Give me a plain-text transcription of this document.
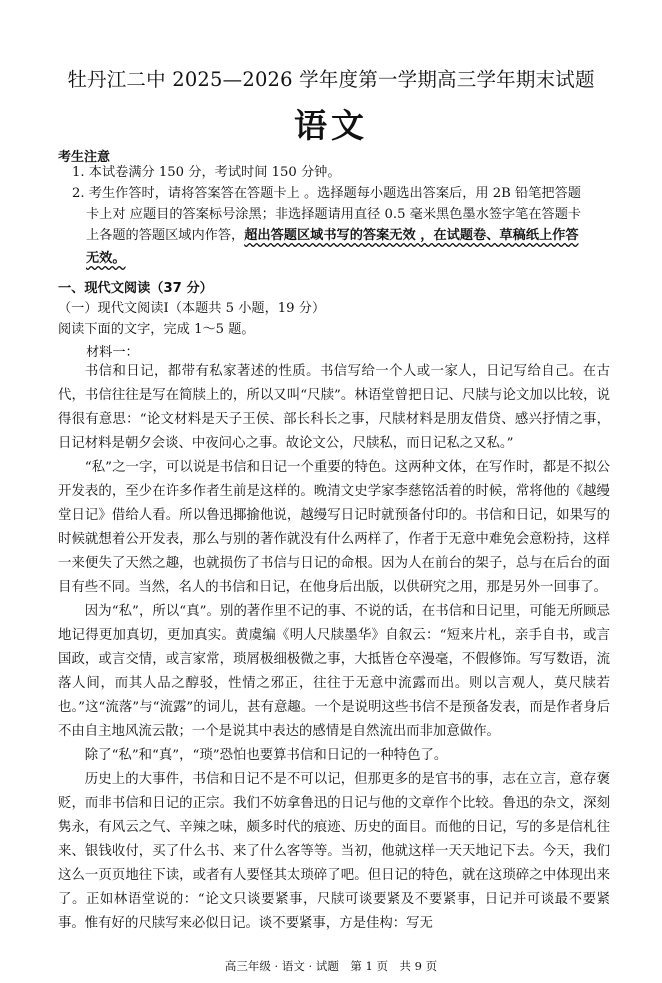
牡丹江二中 2025—2026 学年度第一学期高三学年期末试题
语文
考生注意
1. 本试卷满分 150 分，考试时间 150 分钟。
2. 考生作答时，请将答案答在答题卡上 。选择题每小题选出答案后，用 2B 铅笔把答题
卡上对 应题目的答案标号涂黑；非选择题请用直径 0.5 毫米黑色墨水签字笔在答题卡
上各题的答题区域内作答，超出答题区域书写的答案无效 ，在试题卷、草稿纸上作答
无效。
一、现代文阅读（37 分）
（一）现代文阅读Ⅰ（本题共 5 小题，19 分）
阅读下面的文字，完成 1～5 题。
材料一：
书信和日记，都带有私家著述的性质。书信写给一个人或一家人，日记写给自己。在古代，书信往往是写在简牍上的，所以又叫“尺牍”。林语堂曾把日记、尺牍与论文加以比较，说得很有意思：“论文材料是天子王侯、部长科长之事，尺牍材料是朋友借贷、感兴抒情之事，日记材料是朝夕会谈、中夜问心之事。故论文公，尺牍私，而日记私之又私。”
“私”之一字，可以说是书信和日记一个重要的特色。这两种文体，在写作时，都是不拟公开发表的，至少在许多作者生前是这样的。晚清文史学家李慈铭活着的时候，常将他的《越缦堂日记》借给人看。所以鲁迅揶揄他说，越缦写日记时就预备付印的。书信和日记，如果写的时候就想着公开发表，那么与别的著作就没有什么两样了，作者于无意中难免会意粉持，这样一来便失了天然之趣，也就损伤了书信与日记的命根。因为人在前台的架子，总与在后台的面目有些不同。当然，名人的书信和日记，在他身后出版，以供研究之用，那是另外一回事了。
因为“私”，所以“真”。别的著作里不记的事、不说的话，在书信和日记里，可能无所顾忌地记得更加真切，更加真实。黄虞编《明人尺牍墨华》自叙云：“短来片札，亲手自书，或言国政，或言交情，或言家常，琐屑极细极微之事，大抵皆仓卒漫毫，不假修饰。写写数语，流落人间，而其人品之醇驳，性情之邪正，往往于无意中流露而出。则以言观人，莫尺牍若也。”这“流落”与“流露”的词儿，甚有意趣。一个是说明这些书信不是预备发表，而是作者身后不由自主地风流云散；一个是说其中表达的感情是自然流出而非加意做作。
除了“私”和“真”，“琐”恐怕也要算书信和日记的一种特色了。
历史上的大事件，书信和日记不是不可以记，但那更多的是官书的事，志在立言，意存褒贬，而非书信和日记的正宗。我们不妨拿鲁迅的日记与他的文章作个比较。鲁迅的杂文，深刻隽永，有风云之气、辛辣之味，颇多时代的痕迹、历史的面目。而他的日记，写的多是信札往来、银钱收付，买了什么书、来了什么客等等。当初，他就这样一天天地记下去。今天，我们这么一页页地往下读，或者有人要怪其太琐碎了吧。但日记的特色，就在这琐碎之中体现出来了。正如林语堂说的：“论文只谈要紧事，尺牍可谈要紧及不要紧事，日记并可谈最不要紧事。惟有好的尺牍写来必似日记。谈不要紧事，方是佳构：写无
高三年级 · 语文 · 试题　第 1 页　共 9 页
